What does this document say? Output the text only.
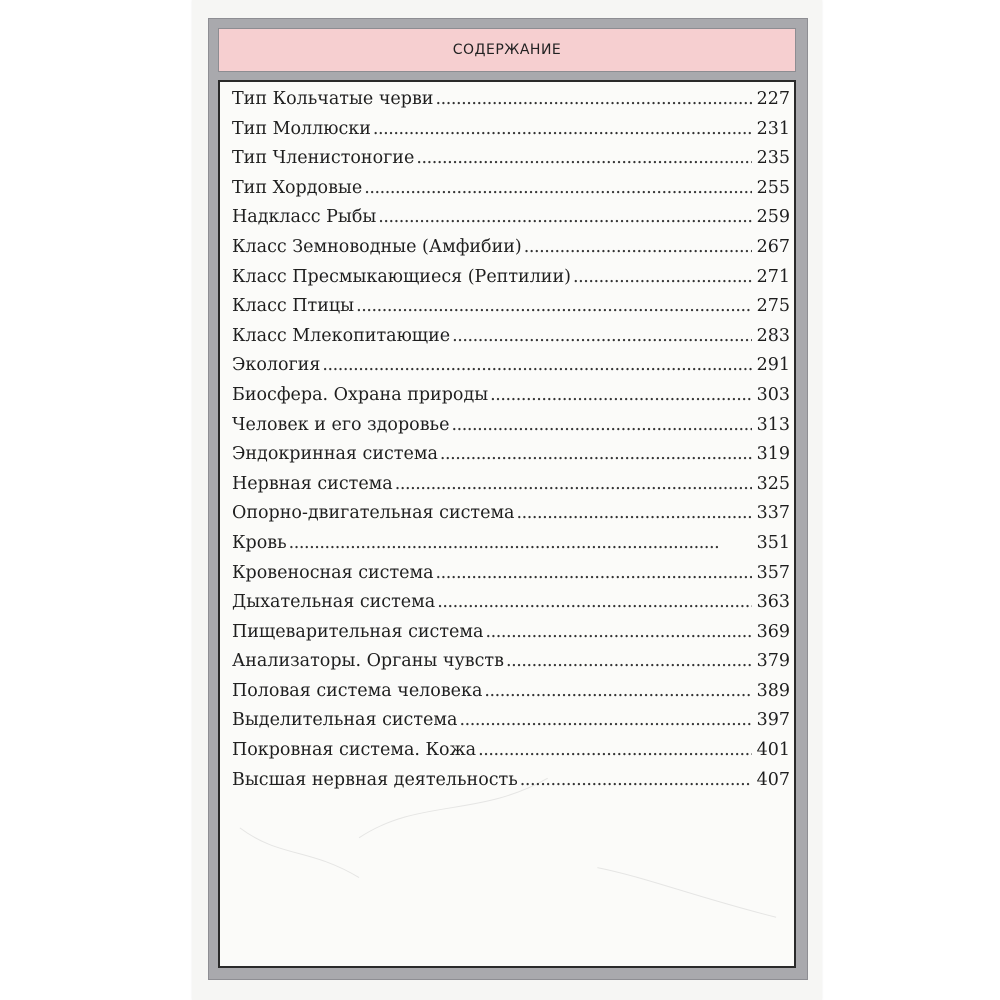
СОДЕРЖАНИЕ
Тип Кольчатые черви . . .	227
Тип Моллюски . . .	231
Тип Членистоногие . . .	235
Тип Хордовые . . .	255
Надкласс Рыбы . . .	259
Класс Земноводные (Амфибии) . . .	267
Класс Пресмыкающиеся (Рептилии) . . .	271
Класс Птицы . . .	275
Класс Млекопитающие . . .	283
Экология . . .	291
Биосфера. Охрана природы . . .	303
Человек и его здоровье . . .	313
Эндокринная система . . .	319
Нервная система . . .	325
Опорно-двигательная система . . .	337
Кровь . . .	351
Кровеносная система . . .	357
Дыхательная система . . .	363
Пищеварительная система . . .	369
Анализаторы. Органы чувств . . .	379
Половая система человека . . .	389
Выделительная система . . .	397
Покровная система. Кожа . . .	401
Высшая нервная деятельность . . .	407
